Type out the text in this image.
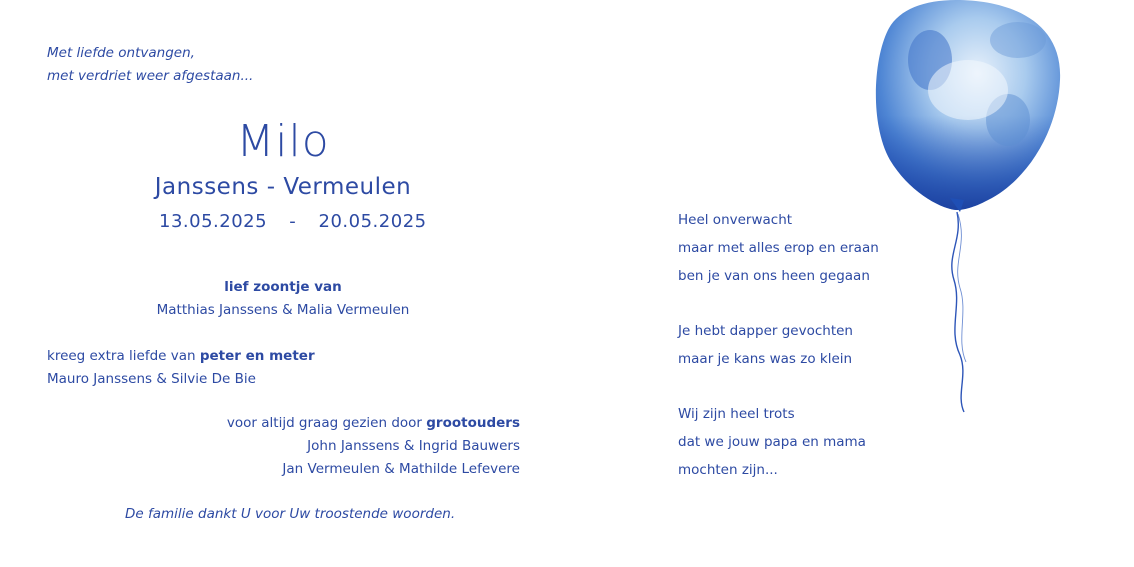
Met liefde ontvangen,
met verdriet weer afgestaan...
Milo
Janssens - Vermeulen
13.05.2025 - 20.05.2025
lief zoontje van
Matthias Janssens & Malia Vermeulen
kreeg extra liefde van peter en meter
Mauro Janssens & Silvie De Bie
voor altijd graag gezien door grootouders
John Janssens & Ingrid Bauwers
Jan Vermeulen & Mathilde Lefevere
De familie dankt U voor Uw troostende woorden.
Heel onverwacht
maar met alles erop en eraan
ben je van ons heen gegaan
Je hebt dapper gevochten
maar je kans was zo klein
Wij zijn heel trots
dat we jouw papa en mama
mochten zijn...
